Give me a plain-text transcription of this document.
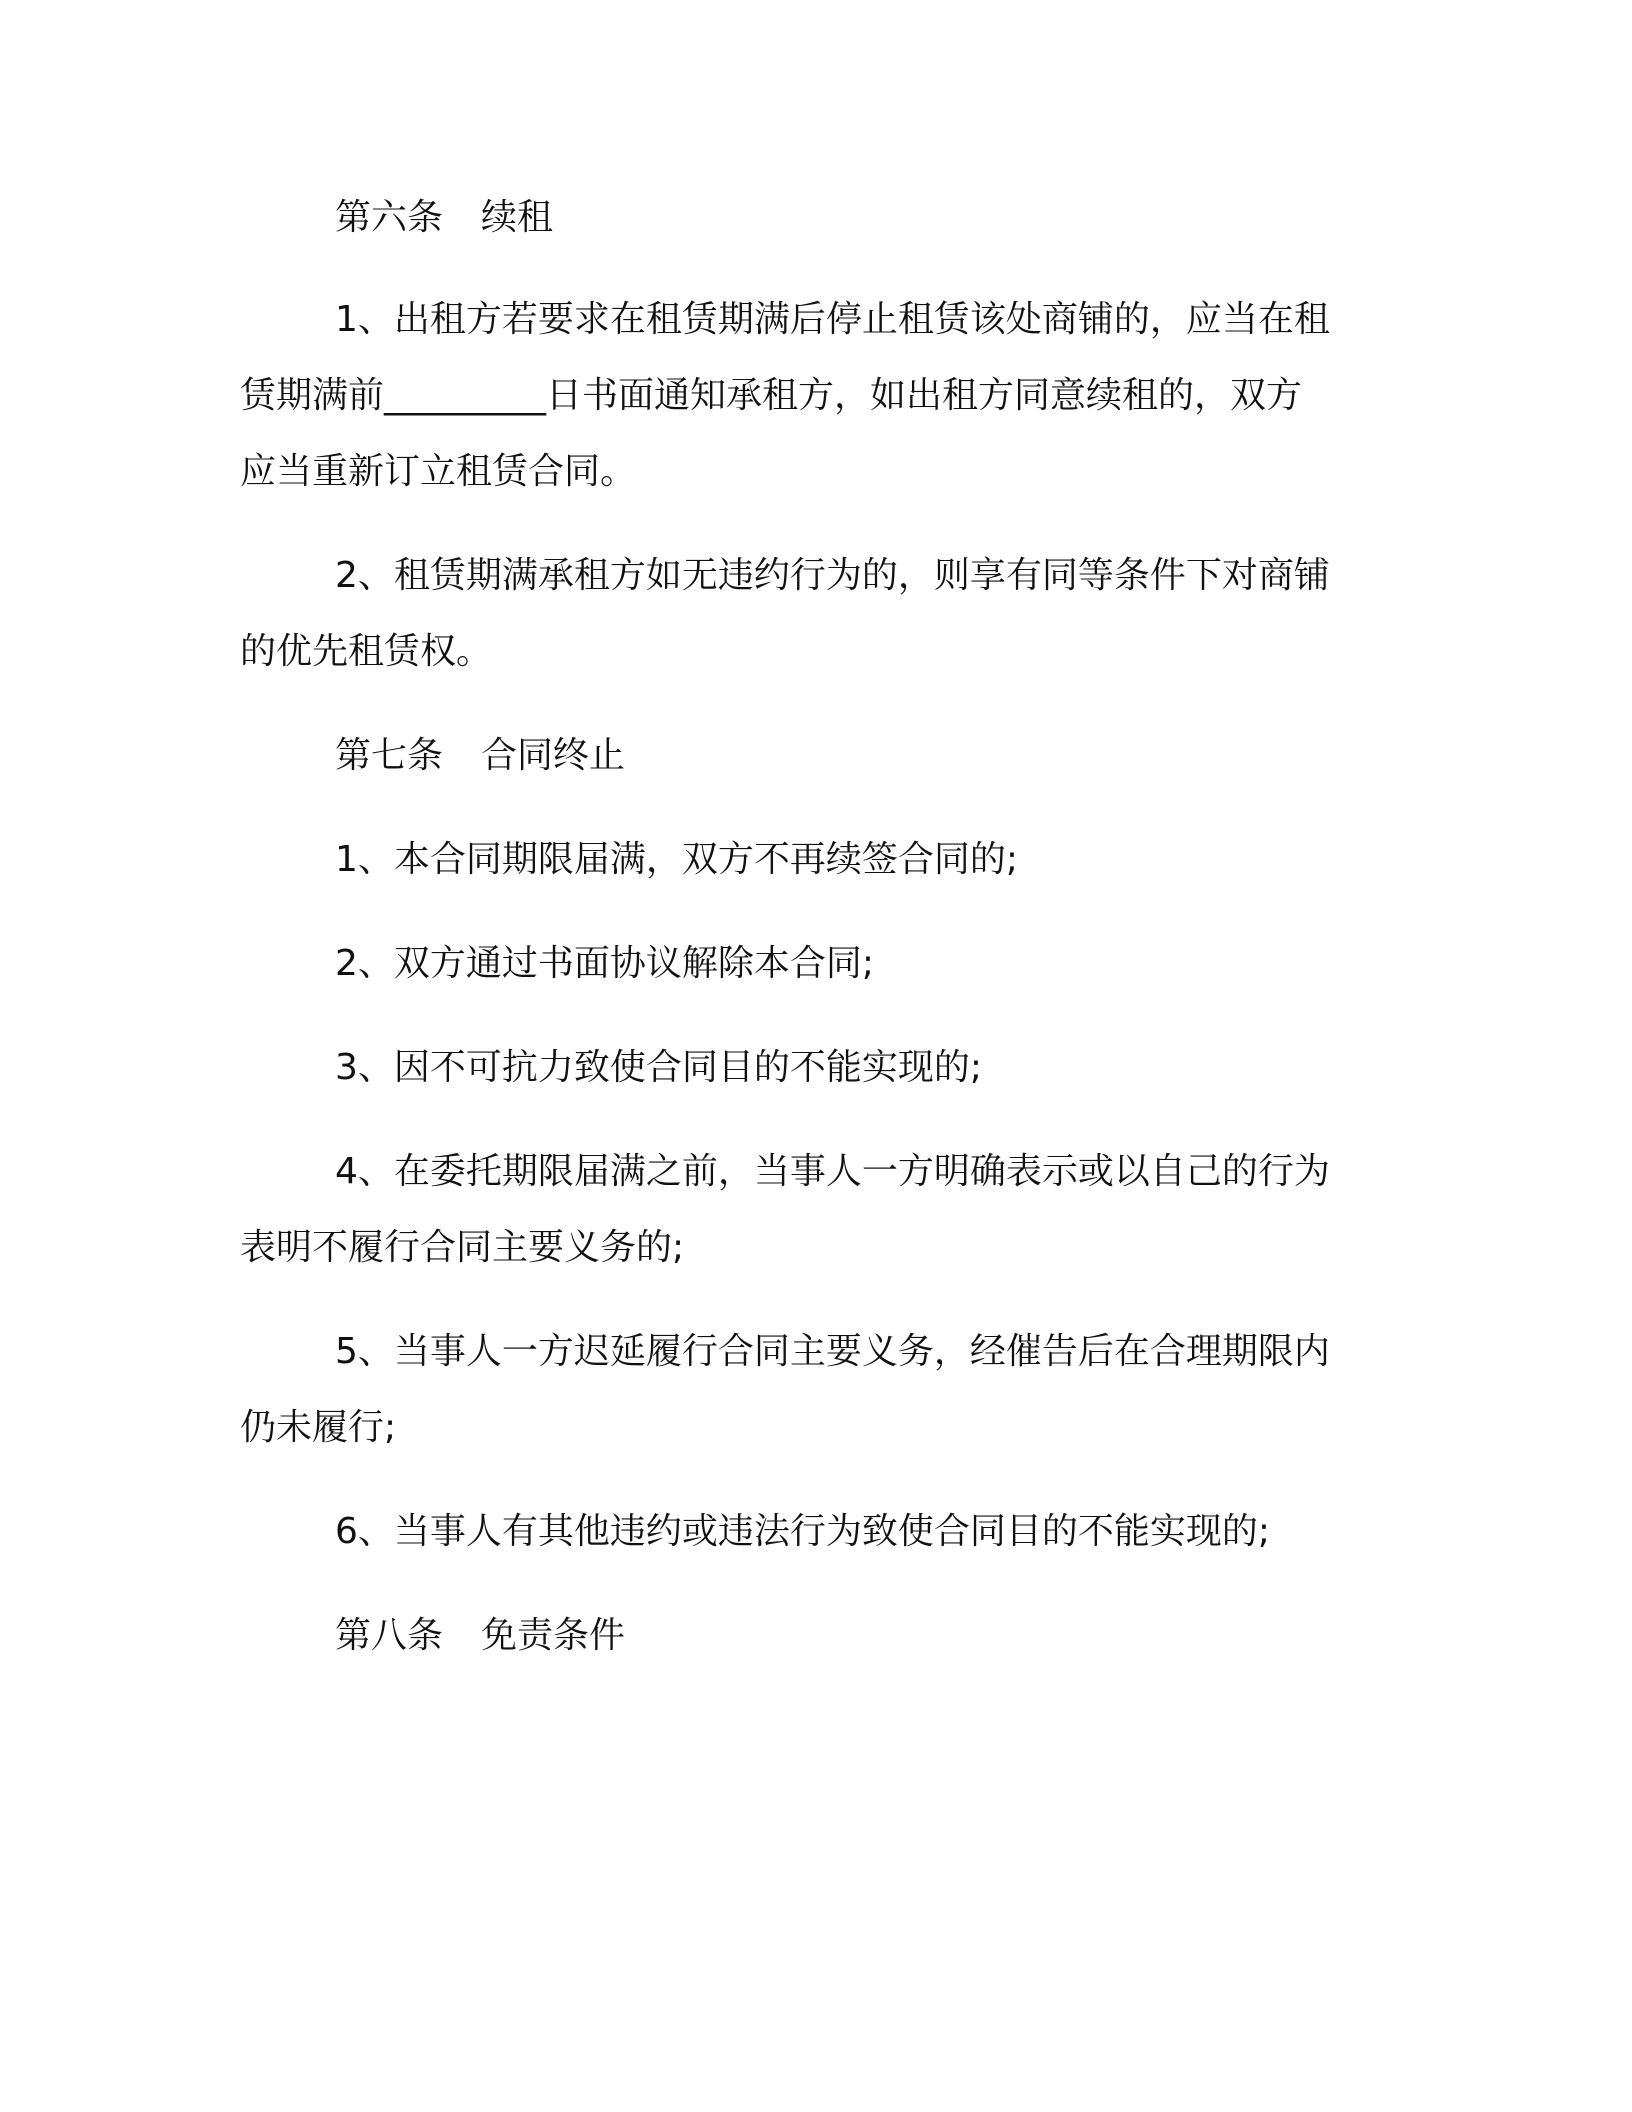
第六条 续租
1、出租方若要求在租赁期满后停止租赁该处商铺的，应当在租
赁期满前_________日书面通知承租方，如出租方同意续租的，双方
应当重新订立租赁合同。
2、租赁期满承租方如无违约行为的，则享有同等条件下对商铺
的优先租赁权。
第七条 合同终止
1、本合同期限届满，双方不再续签合同的;
2、双方通过书面协议解除本合同;
3、因不可抗力致使合同目的不能实现的;
4、在委托期限届满之前，当事人一方明确表示或以自己的行为
表明不履行合同主要义务的;
5、当事人一方迟延履行合同主要义务，经催告后在合理期限内
仍未履行;
6、当事人有其他违约或违法行为致使合同目的不能实现的;
第八条 免责条件
